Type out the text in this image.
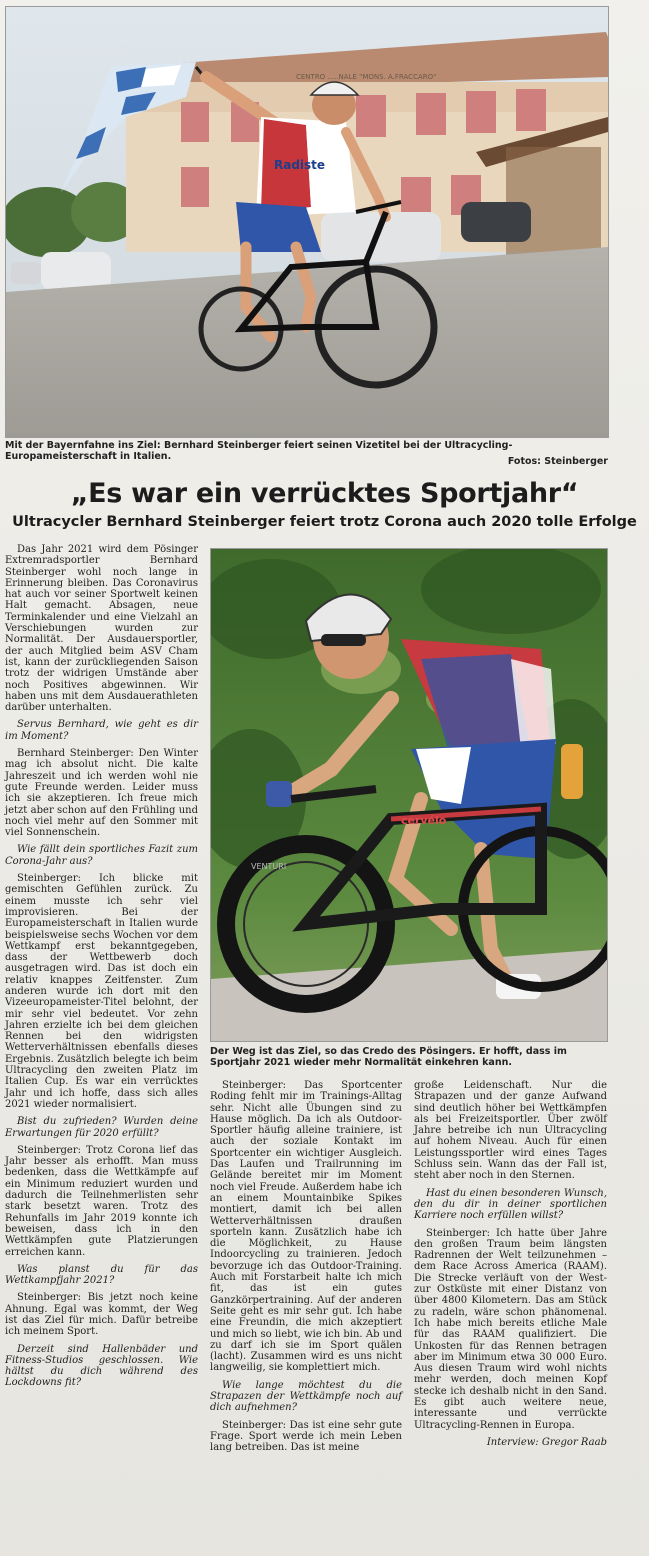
Radiste
CENTRO .....NALE "MONS. A.FRACCARO"
Mit der Bayernfahne ins Ziel: Bernhard Steinberger feiert seinen Vizetitel bei der Ultracycling-Europameisterschaft in Italien.	Fotos: Steinberger
„Es war ein verrücktes Sportjahr“
Ultracycler Bernhard Steinberger feiert trotz Corona auch 2020 tolle Erfolge
cervélo
VENTURI
Der Weg ist das Ziel, so das Credo des Pösingers. Er hofft, dass im Sportjahr 2021 wieder mehr Normalität einkehren kann.

Das Jahr 2021 wird dem Pösinger Extremradsportler Bernhard Steinberger wohl noch lange in Erinnerung bleiben. Das Coronavirus hat auch vor seiner Sportwelt keinen Halt gemacht. Absagen, neue Terminkalender und eine Vielzahl an Verschiebungen wurden zur Normalität. Der Ausdauersportler, der auch Mitglied beim ASV Cham ist, kann der zurückliegenden Saison trotz der widrigen Umstände aber noch Positives abgewinnen. Wir haben uns mit dem Ausdauerathleten darüber unterhalten.

Servus Bernhard, wie geht es dir im Moment?

Bernhard Steinberger: Den Winter mag ich absolut nicht. Die kalte Jahreszeit und ich werden wohl nie gute Freunde werden. Leider muss ich sie akzeptieren. Ich freue mich jetzt aber schon auf den Frühling und noch viel mehr auf den Sommer mit viel Sonnenschein.

Wie fällt dein sportliches Fazit zum Corona-Jahr aus?

Steinberger: Ich blicke mit gemischten Gefühlen zurück. Zu einem musste ich sehr viel improvisieren. Bei der Europameisterschaft in Italien wurde beispielsweise sechs Wochen vor dem Wettkampf erst bekanntgegeben, dass der Wettbewerb doch ausgetragen wird. Das ist doch ein relativ knappes Zeitfenster. Zum anderen wurde ich dort mit den Vizeeuropameister-Titel belohnt, der mir sehr viel bedeutet. Vor zehn Jahren erzielte ich bei dem gleichen Rennen bei den widrigsten Wetterverhältnissen ebenfalls dieses Ergebnis. Zusätzlich belegte ich beim Ultracycling den zweiten Platz im Italien Cup. Es war ein verrücktes Jahr und ich hoffe, dass sich alles 2021 wieder normalisiert.

Bist du zufrieden? Wurden deine Erwartungen für 2020 erfüllt?

Steinberger: Trotz Corona lief das Jahr besser als erhofft. Man muss bedenken, dass die Wettkämpfe auf ein Minimum reduziert wurden und dadurch die Teilnehmerlisten sehr stark besetzt waren. Trotz des Rehunfalls im Jahr 2019 konnte ich beweisen, dass ich in den Wettkämpfen gute Platzierungen erreichen kann.

Was planst du für das Wettkampfjahr 2021?

Steinberger: Bis jetzt noch keine Ahnung. Egal was kommt, der Weg ist das Ziel für mich. Dafür betreibe ich meinem Sport.

Derzeit sind Hallenbäder und Fitness-Studios geschlossen. Wie hältst du dich während des Lockdowns fit?

Steinberger: Das Sportcenter Roding fehlt mir im Trainings-Alltag sehr. Nicht alle Übungen sind zu Hause möglich. Da ich als Outdoor-Sportler häufig alleine trainiere, ist auch der soziale Kontakt im Sportcenter ein wichtiger Ausgleich. Das Laufen und Trailrunning im Gelände bereitet mir im Moment noch viel Freude. Außerdem habe ich an einem Mountainbike Spikes montiert, damit ich bei allen Wetterverhältnissen draußen sporteln kann. Zusätzlich habe ich die Möglichkeit, zu Hause Indoorcycling zu trainieren. Jedoch bevorzuge ich das Outdoor-Training. Auch mit Forstarbeit halte ich mich fit, das ist ein gutes Ganzkörpertraining. Auf der anderen Seite geht es mir sehr gut. Ich habe eine Freundin, die mich akzeptiert und mich so liebt, wie ich bin. Ab und zu darf ich sie im Sport quälen (lacht). Zusammen wird es uns nicht langweilig, sie komplettiert mich.

Wie lange möchtest du die Strapazen der Wettkämpfe noch auf dich aufnehmen?

Steinberger: Das ist eine sehr gute Frage. Sport werde ich mein Leben lang betreiben. Das ist meine

große Leidenschaft. Nur die Strapazen und der ganze Aufwand sind deutlich höher bei Wettkämpfen als bei Freizeitsportler. Über zwölf Jahre betreibe ich nun Ultracycling auf hohem Niveau. Auch für einen Leistungssportler wird eines Tages Schluss sein. Wann das der Fall ist, steht aber noch in den Sternen.

Hast du einen besonderen Wunsch, den du dir in deiner sportlichen Karriere noch erfüllen willst?

Steinberger: Ich hatte über Jahre den großen Traum beim längsten Radrennen der Welt teilzunehmen – dem Race Across America (RAAM). Die Strecke verläuft von der West- zur Ostküste mit einer Distanz von über 4800 Kilometern. Das am Stück zu radeln, wäre schon phänomenal. Ich habe mich bereits etliche Male für das RAAM qualifiziert. Die Unkosten für das Rennen betragen aber im Minimum etwa 30 000 Euro. Aus diesen Traum wird wohl nichts mehr werden, doch meinen Kopf stecke ich deshalb nicht in den Sand. Es gibt auch weitere neue, interessante und verrückte Ultracycling-Rennen in Europa.

Interview: Gregor Raab
